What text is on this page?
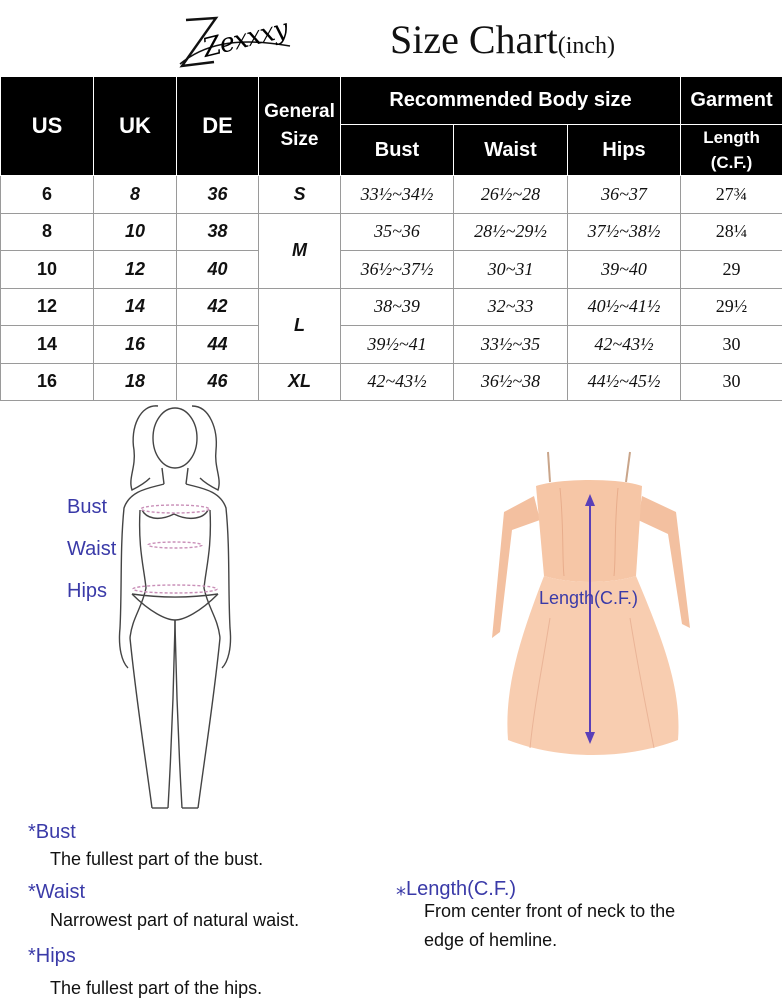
Zexxxy Size Chart(inch)
US	UK	DE	General Size	Recommended Body size			Garment
				Bust	Waist	Hips	Length (C.F.)
6	8	36	S	33½~34½	26½~28	36~37	27¾
8	10	38	M	35~36	28½~29½	37½~38½	28¼
10	12	40		36½~37½	30~31	39~40	29
12	14	42	L	38~39	32~33	40½~41½	29½
14	16	44		39½~41	33½~35	42~43½	30
16	18	46	XL	42~43½	36½~38	44½~45½	30
Bust
Waist
Hips	Length(C.F.)
*Bust
The fullest part of the bust.
*Waist
Narrowest part of natural waist.
*Hips
The fullest part of the hips.
⁎Length(C.F.)
From center front of neck to the
edge of hemline.
